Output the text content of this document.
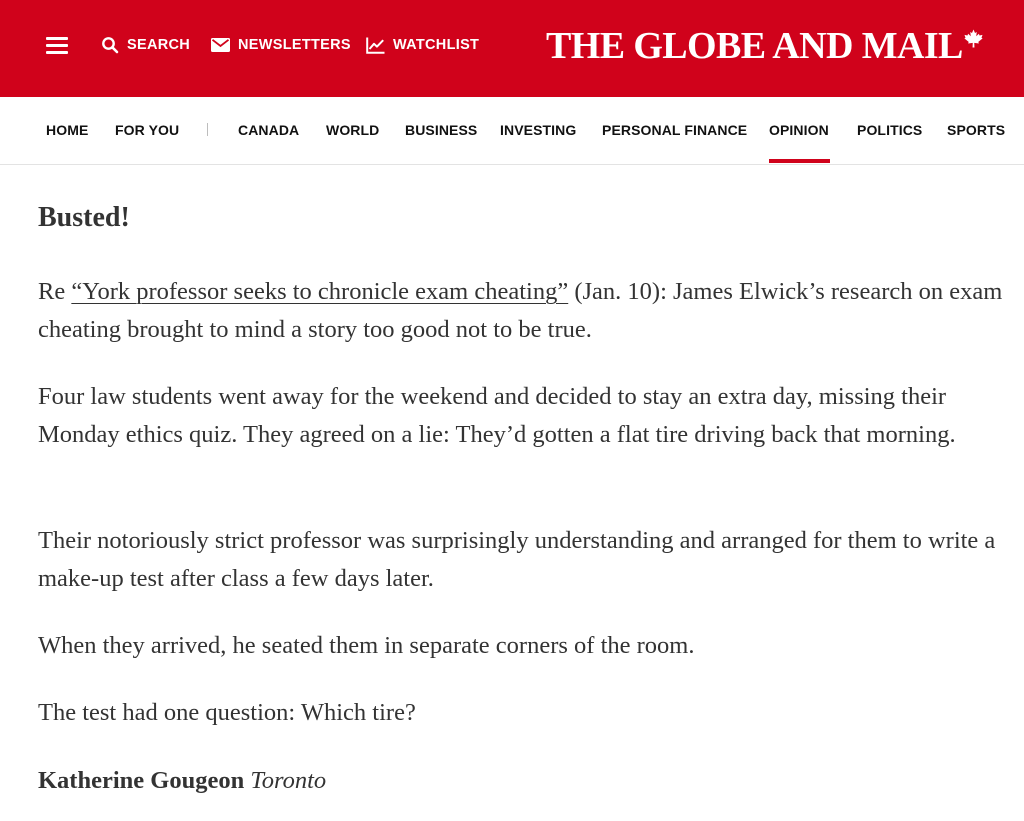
SEARCH	NEWSLETTERS	WATCHLIST THE GLOBE AND MAIL
HOME FOR YOU	CANADA WORLD BUSINESS INVESTING PERSONAL FINANCE OPINION POLITICS SPORTS
Busted!

Re “York professor seeks to chronicle exam cheating” (Jan. 10): James Elwick’s research on exam cheating brought to mind a story too good not to be true.

Four law students went away for the weekend and decided to stay an extra day, missing their Monday ethics quiz. They agreed on a lie: They’d gotten a flat tire driving back that morning.

Their notoriously strict professor was surprisingly understanding and arranged for them to write a make-up test after class a few days later.

When they arrived, he seated them in separate corners of the room.

The test had one question: Which tire?

Katherine Gougeon Toronto
